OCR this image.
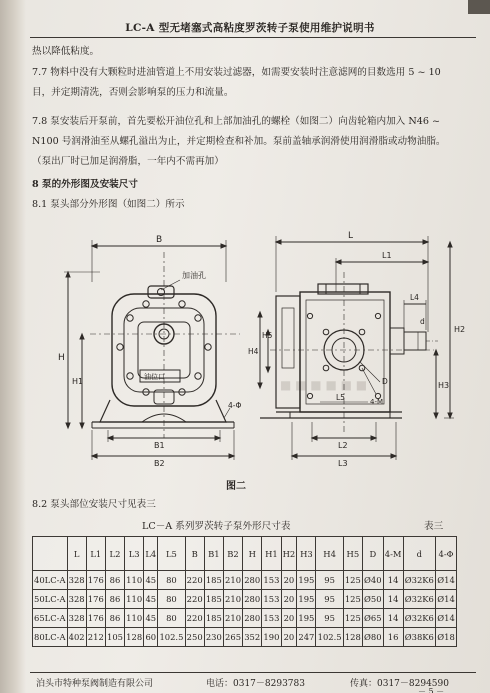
LC-A 型无堵塞式高粘度罗茨转子泵使用维护说明书
热以降低粘度。
7.7 物料中没有大颗粒时进油管道上不用安装过滤器，如需要安装时注意滤网的目数选用 5 ~ 10
目，并定期清洗，否则会影响泵的压力和流量。
7.8 泵安装后开泵前，首先要松开油位孔和上部加油孔的螺栓（如图二）向齿轮箱内加入 N46 ~
N100 号润滑油至从螺孔溢出为止，并定期检查和补加。泵前盖轴承润滑使用润滑脂或动物油脂。
（泵出厂时已加足润滑脂，一年内不需再加）
8 泵的外形图及安装尺寸
8.1 泵头部分外形图（如图二）所示
■ ■ ■ ■ ■ ■
B
加油孔
油位口
H
H1
B1
B2
4-Φ
L
L1
L2
L3
L4
L5
H2
H3
H4
H5
D
d
4-M
图二
8.2 泵头部位安装尺寸见表三
LC－A 系列罗茨转子泵外形尺寸表	表三
	L	L1	L2	L3	L4	L5	B	B1	B2	H	H1	H2	H3	H4	H5	D	4-M	d	4-Φ
40LC-A	328	176	86	110	45	80	220	185	210	280	153	20	195	95	125	Ø40	14	Ø32K6	Ø14
50LC-A	328	176	86	110	45	80	220	185	210	280	153	20	195	95	125	Ø50	14	Ø32K6	Ø14
65LC-A	328	176	86	110	45	80	220	185	210	280	153	20	195	95	125	Ø65	14	Ø32K6	Ø14
80LC-A	402	212	105	128	60	102.5	250	230	265	352	190	20	247	102.5	128	Ø80	16	Ø38K6	Ø18
泊头市特种泵阀制造有限公司	电话：0317－8293783	传真：0317－8294590
－ 5 －
